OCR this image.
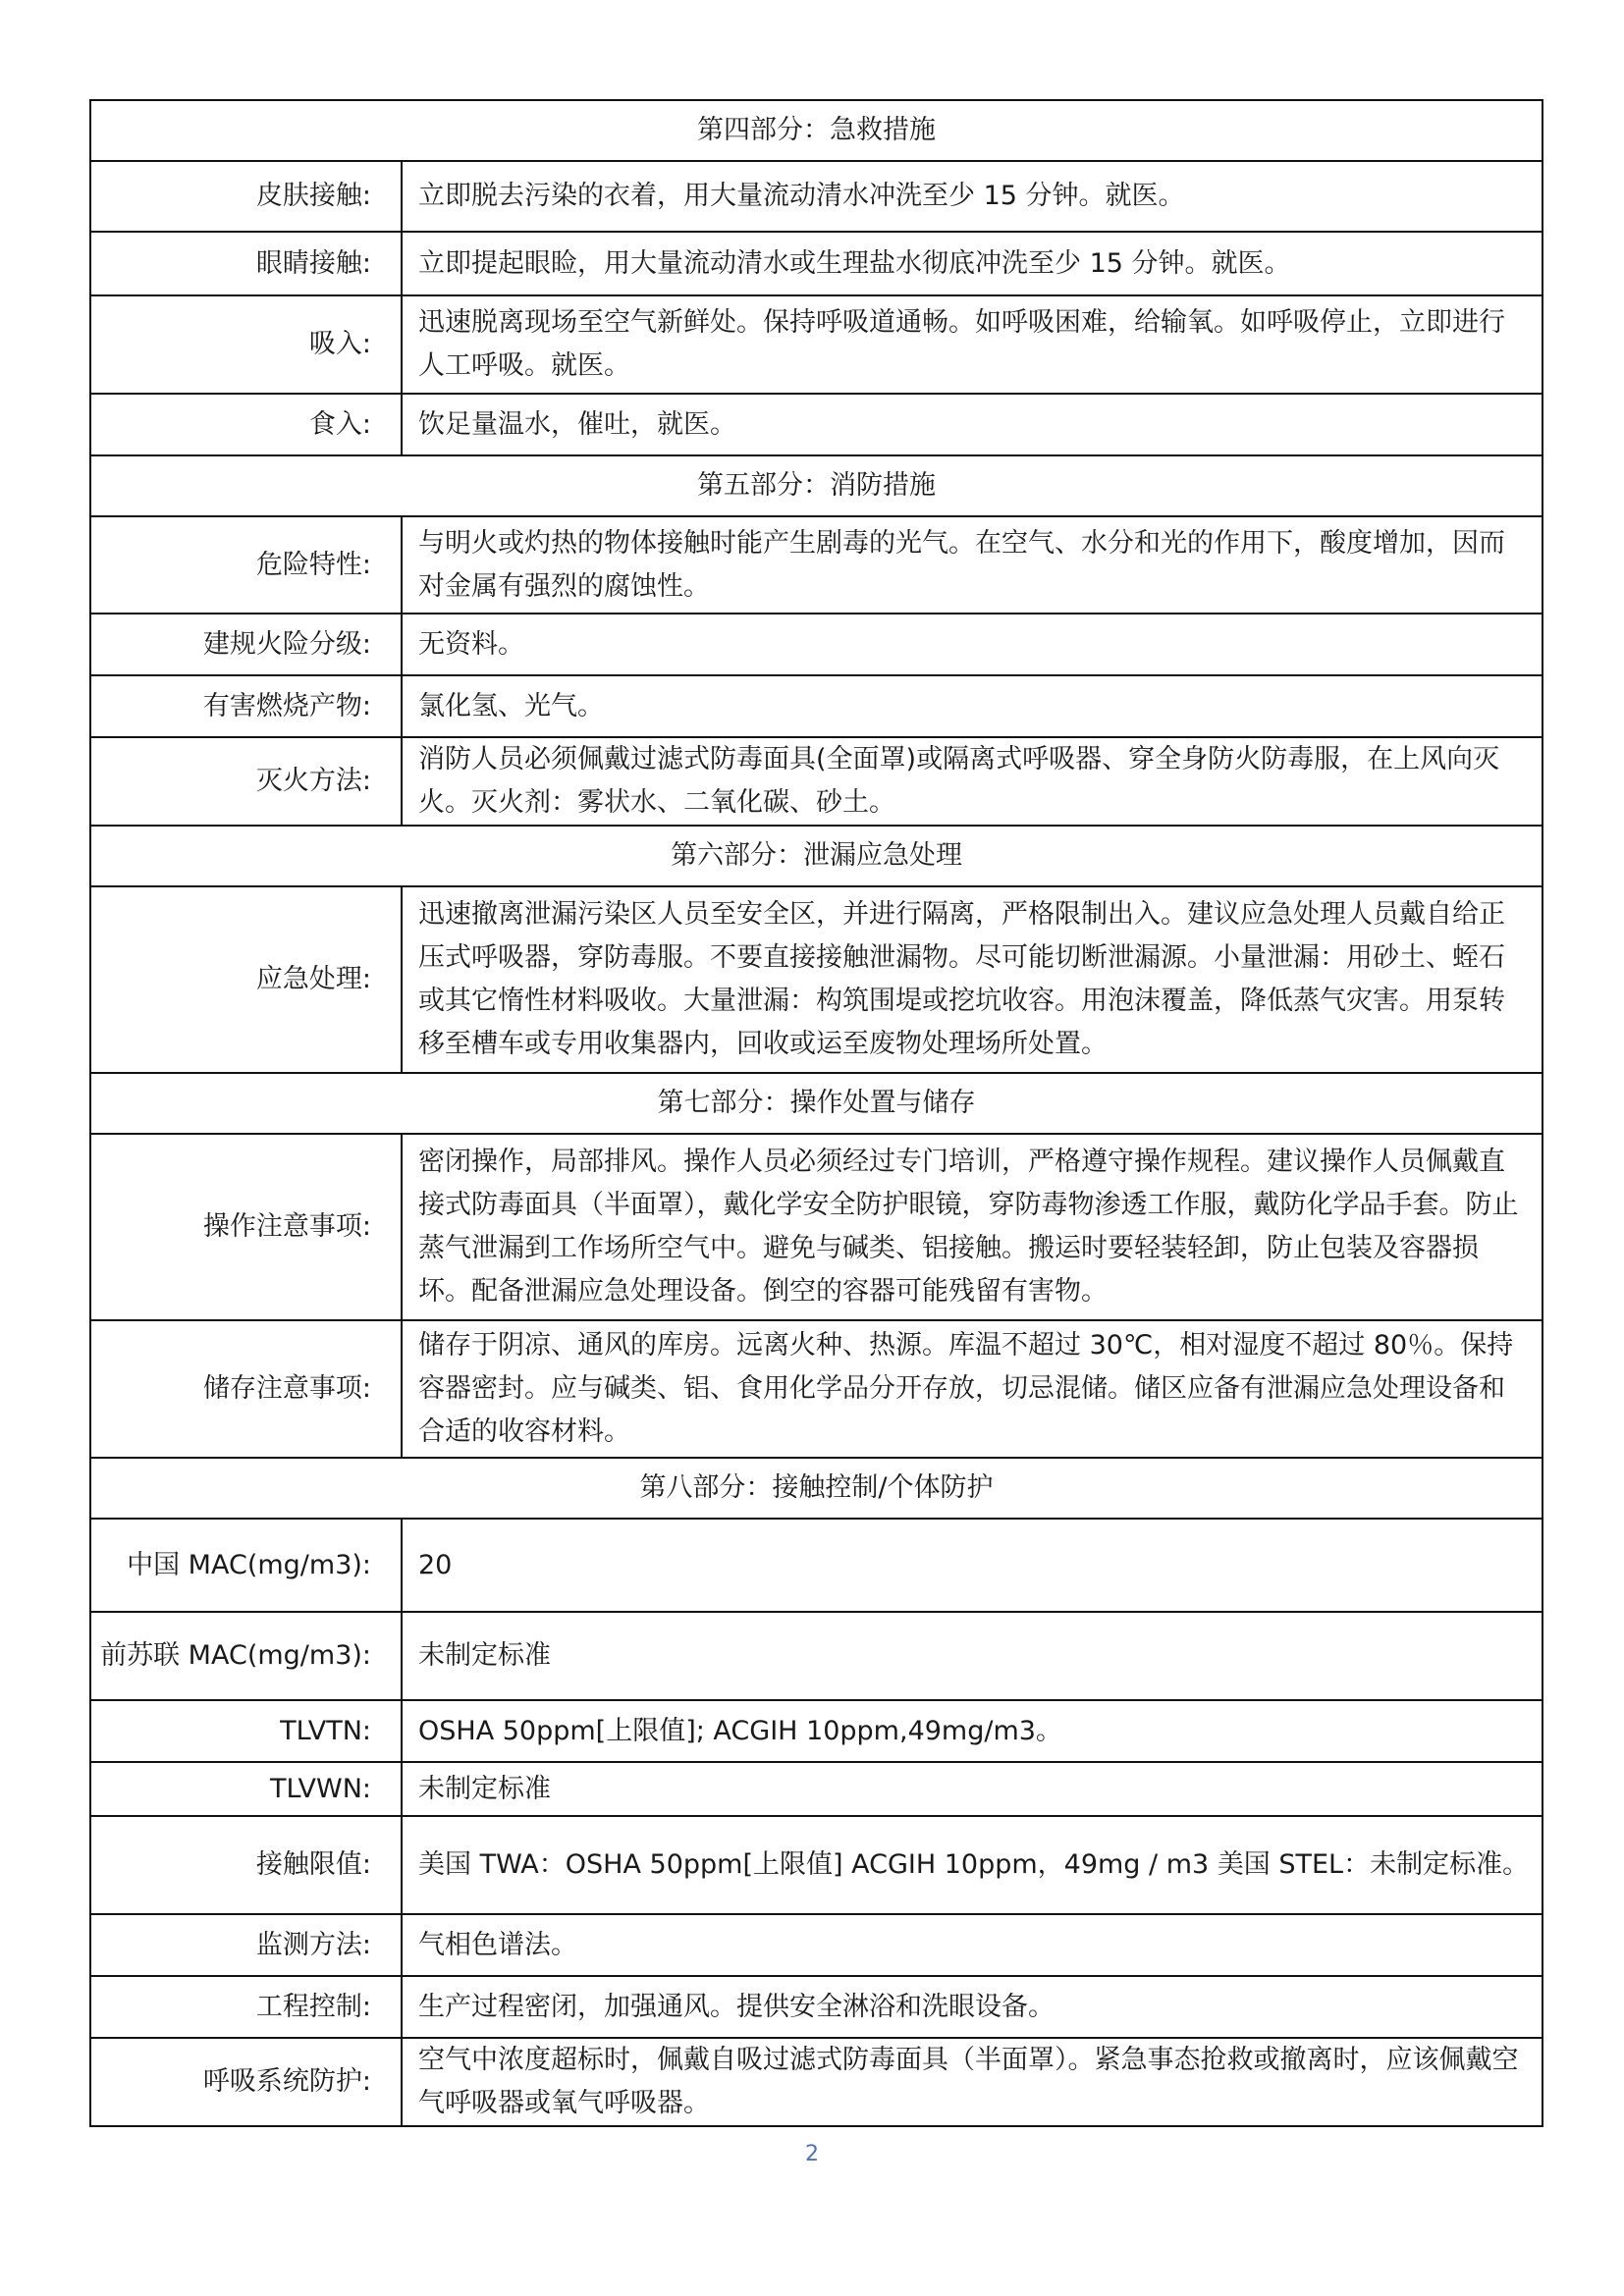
第四部分：急救措施	
皮肤接触:	立即脱去污染的衣着，用大量流动清水冲洗至少 15 分钟。就医。
眼睛接触:	立即提起眼睑，用大量流动清水或生理盐水彻底冲洗至少 15 分钟。就医。
吸入:	迅速脱离现场至空气新鲜处。保持呼吸道通畅。如呼吸困难，给输氧。如呼吸停止，立即进行人工呼吸。就医。
食入:	饮足量温水，催吐，就医。
第五部分：消防措施	
危险特性:	与明火或灼热的物体接触时能产生剧毒的光气。在空气、水分和光的作用下，酸度增加，因而对金属有强烈的腐蚀性。
建规火险分级:	无资料。
有害燃烧产物:	氯化氢、光气。
灭火方法:	消防人员必须佩戴过滤式防毒面具(全面罩)或隔离式呼吸器、穿全身防火防毒服，在上风向灭火。灭火剂：雾状水、二氧化碳、砂土。
第六部分：泄漏应急处理	
应急处理:	迅速撤离泄漏污染区人员至安全区，并进行隔离，严格限制出入。建议应急处理人员戴自给正压式呼吸器，穿防毒服。不要直接接触泄漏物。尽可能切断泄漏源。小量泄漏：用砂土、蛭石或其它惰性材料吸收。大量泄漏：构筑围堤或挖坑收容。用泡沫覆盖，降低蒸气灾害。用泵转移至槽车或专用收集器内，回收或运至废物处理场所处置。
第七部分：操作处置与储存	
操作注意事项:	密闭操作，局部排风。操作人员必须经过专门培训，严格遵守操作规程。建议操作人员佩戴直接式防毒面具（半面罩），戴化学安全防护眼镜，穿防毒物渗透工作服，戴防化学品手套。防止蒸气泄漏到工作场所空气中。避免与碱类、铝接触。搬运时要轻装轻卸，防止包装及容器损坏。配备泄漏应急处理设备。倒空的容器可能残留有害物。
储存注意事项:	储存于阴凉、通风的库房。远离火种、热源。库温不超过 30℃，相对湿度不超过 80％。保持容器密封。应与碱类、铝、食用化学品分开存放，切忌混储。储区应备有泄漏应急处理设备和合适的收容材料。
第八部分：接触控制/个体防护	
中国 MAC(mg/m3):	20
前苏联 MAC(mg/m3):	未制定标准
TLVTN:	OSHA 50ppm[上限值]; ACGIH 10ppm,49mg/m3。
TLVWN:	未制定标准
接触限值:	美国 TWA：OSHA 50ppm[上限值] ACGIH 10ppm，49mg / m3 美国 STEL：未制定标准。
监测方法:	气相色谱法。
工程控制:	生产过程密闭，加强通风。提供安全淋浴和洗眼设备。
呼吸系统防护:	空气中浓度超标时，佩戴自吸过滤式防毒面具（半面罩）。紧急事态抢救或撤离时，应该佩戴空气呼吸器或氧气呼吸器。
2
